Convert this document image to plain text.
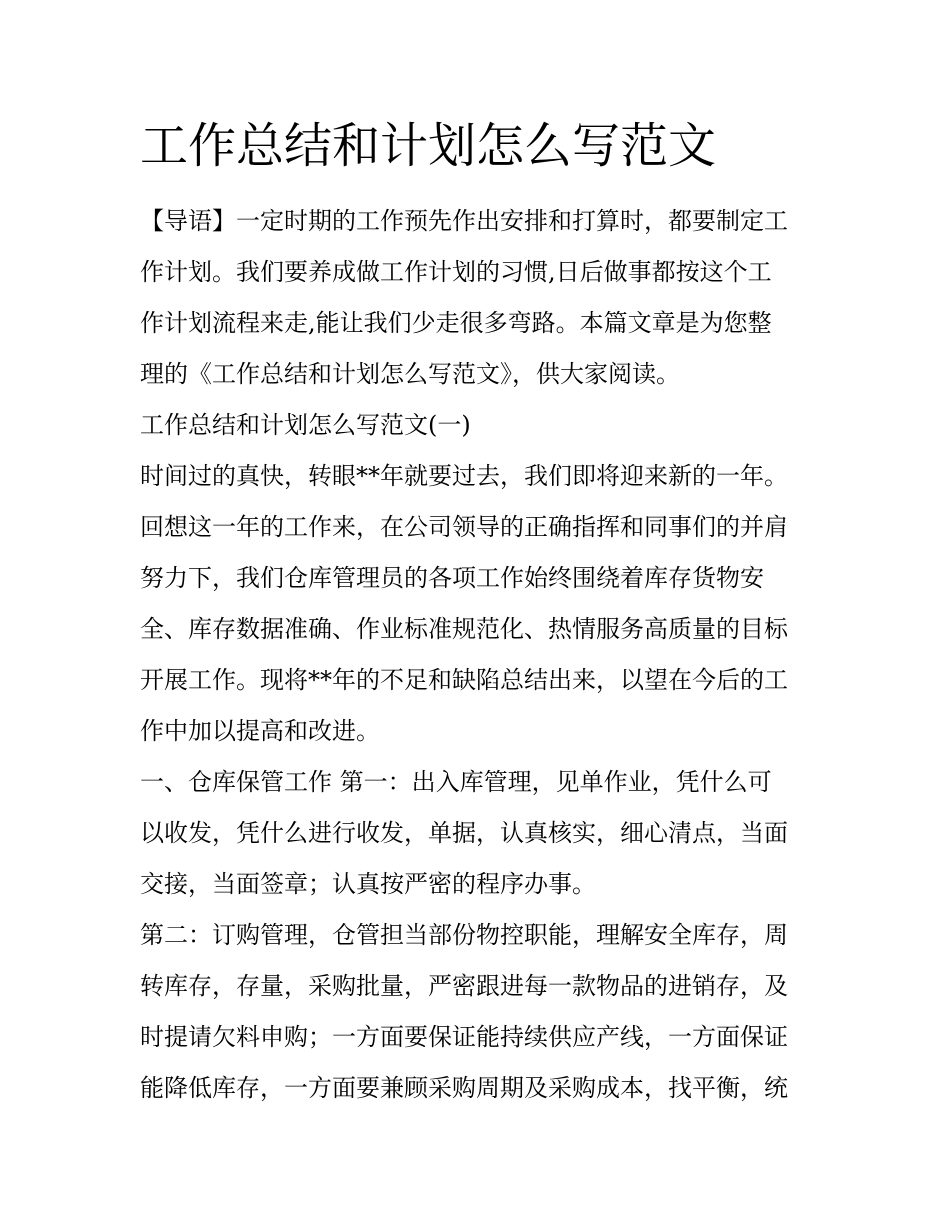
工作总结和计划怎么写范文

【导语】一定时期的工作预先作出安排和打算时，都要制定工

作计划。我们要养成做工作计划的习惯,日后做事都按这个工

作计划流程来走,能让我们少走很多弯路。本篇文章是为您整

理的《工作总结和计划怎么写范文》，供大家阅读。

工作总结和计划怎么写范文(一)

时间过的真快，转眼**年就要过去，我们即将迎来新的一年。

回想这一年的工作来，在公司领导的正确指挥和同事们的并肩

努力下，我们仓库管理员的各项工作始终围绕着库存货物安

全、库存数据准确、作业标准规范化、热情服务高质量的目标

开展工作。现将**年的不足和缺陷总结出来，以望在今后的工

作中加以提高和改进。

一、仓库保管工作 第一：出入库管理，见单作业，凭什么可

以收发，凭什么进行收发，单据，认真核实，细心清点，当面

交接，当面签章；认真按严密的程序办事。

第二：订购管理，仓管担当部份物控职能，理解安全库存，周

转库存，存量，采购批量，严密跟进每一款物品的进销存，及

时提请欠料申购；一方面要保证能持续供应产线，一方面保证

能降低库存，一方面要兼顾采购周期及采购成本，找平衡，统
